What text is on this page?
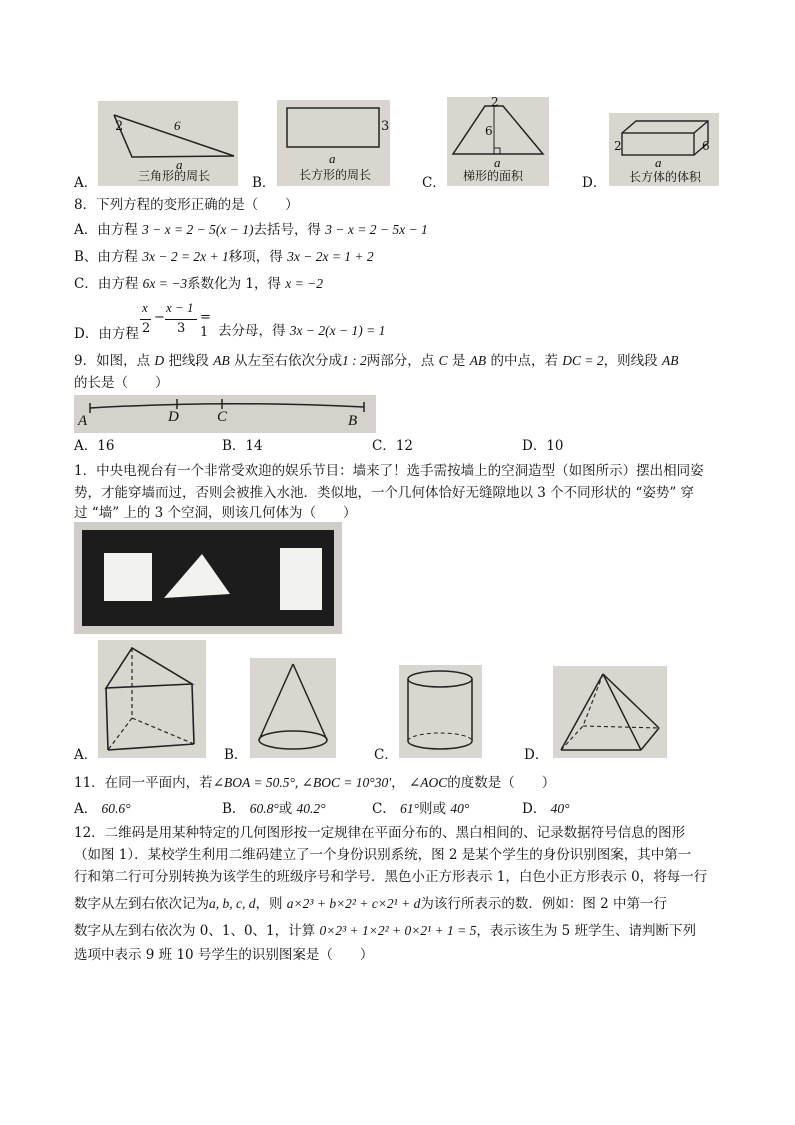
2	6
a
三角形的周长
A．
3
a
长方形的周长
B．
2
6
a
梯形的面积
C．
2	6
a
长方体的体积
D．
8．下列方程的变形正确的是（　　）
A．由方程 3 − x = 2 − 5(x − 1)去括号，得 3 − x = 2 − 5x − 1
B、由方程 3x − 2 = 2x + 1移项，得 3x − 2x = 1 + 2
C．由方程 6x = −3系数化为 1，得 x = −2
D．由方程
x
2
−
x − 1
3
= 1 去分母，得 3x − 2(x − 1) = 1
9．如图，点 D 把线段 AB 从左至右依次分成1 : 2两部分，点 C 是 AB 的中点，若 DC = 2，则线段 AB
的长是（　　）
A	D	C	B
A．16	B．14	C．12	D．10
1．中央电视台有一个非常受欢迎的娱乐节目：墙来了！选手需按墙上的空洞造型（如图所示）摆出相同姿
势，才能穿墙而过，否则会被推入水池．类似地，一个几何体恰好无缝隙地以 3 个不同形状的 “姿势” 穿
过 “墙” 上的 3 个空洞，则该几何体为（　　）
A．	B．	C．	D．
11．在同一平面内，若∠BOA = 50.5°, ∠BOC = 10°30′， ∠AOC的度数是（　　）
A． 60.6°	B． 60.8°或 40.2°	C． 61°则或 40°	D． 40°
12．二维码是用某种特定的几何图形按一定规律在平面分布的、黑白相间的、记录数据符号信息的图形
（如图 1）．某校学生利用二维码建立了一个身份识别系统，图 2 是某个学生的身份识别图案，其中第一
行和第二行可分别转换为该学生的班级序号和学号．黑色小正方形表示 1，白色小正方形表示 0，将每一行
数字从左到右依次记为a, b, c, d，则 a×2³ + b×2² + c×2¹ + d为该行所表示的数．例如：图 2 中第一行
数字从左到右依次为 0、1、0、1，计算 0×2³ + 1×2² + 0×2¹ + 1 = 5，表示该生为 5 班学生、请判断下列
选项中表示 9 班 10 号学生的识别图案是（　　）
